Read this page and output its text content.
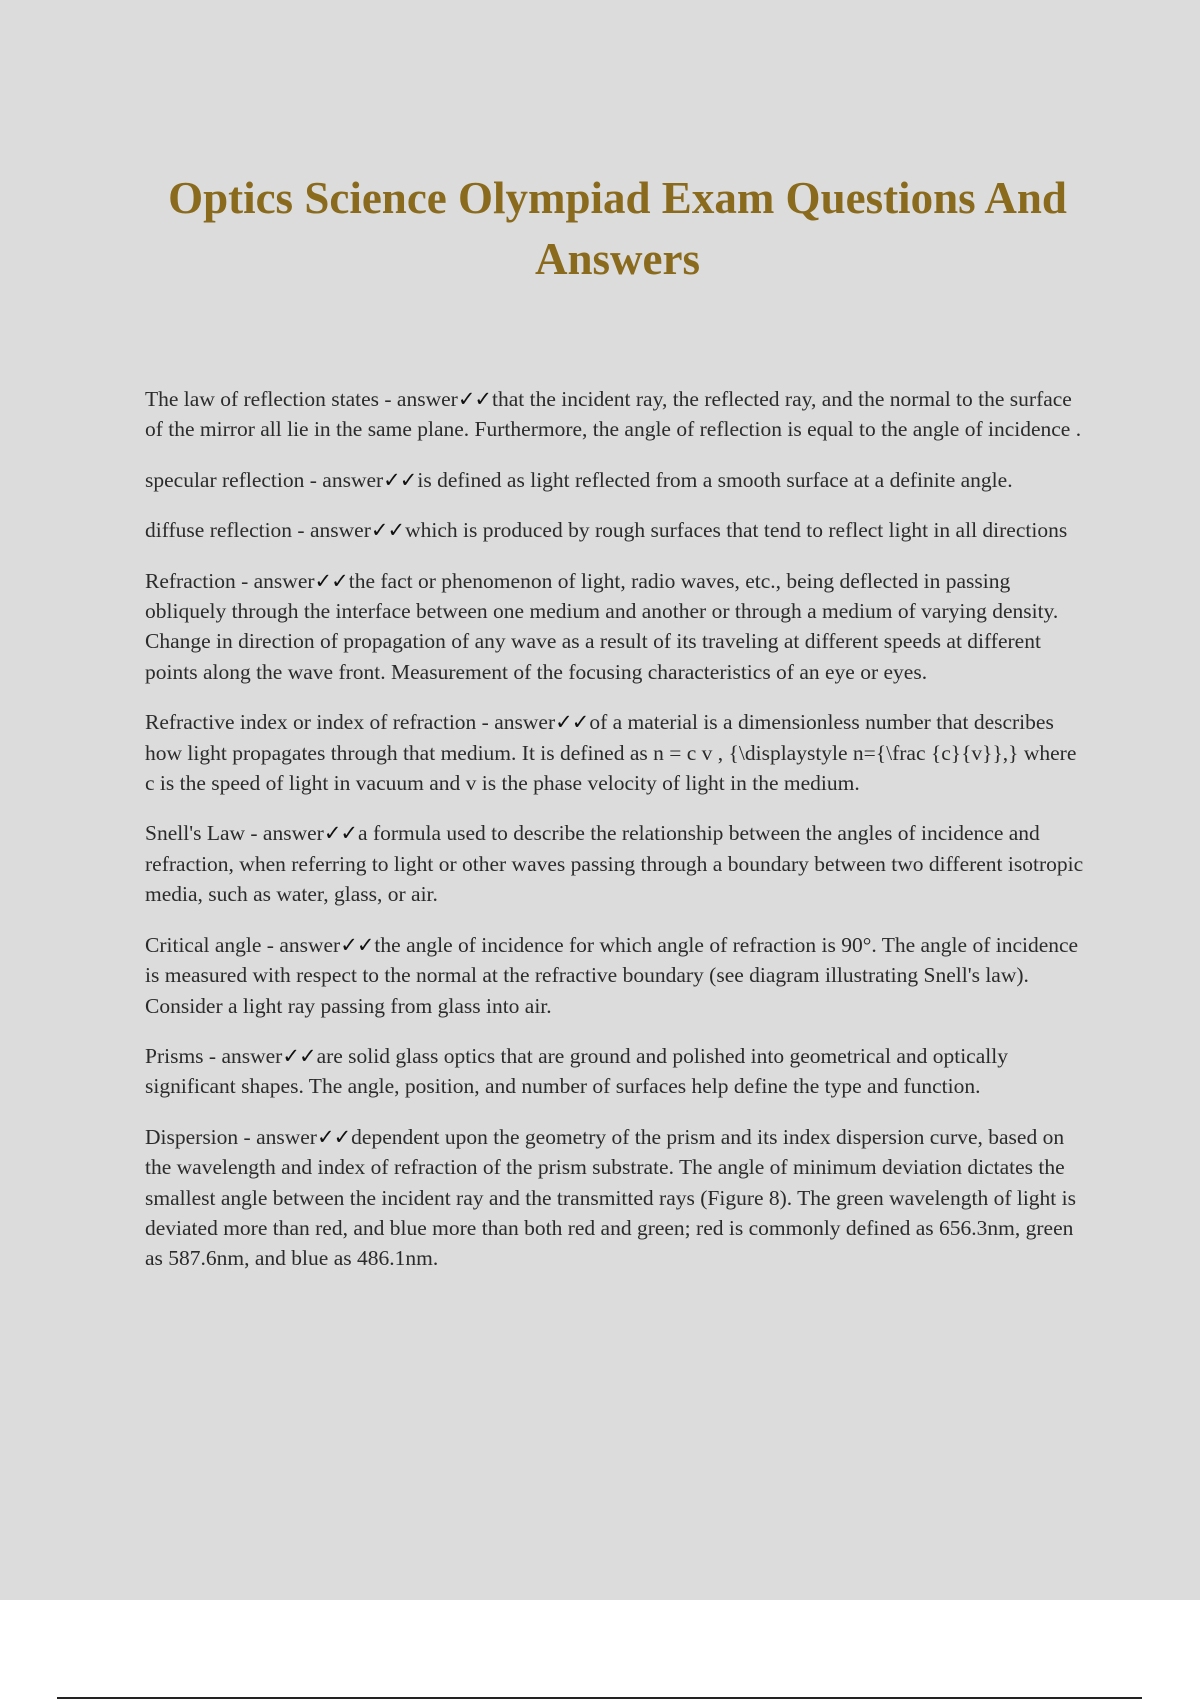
Optics Science Olympiad Exam Questions And Answers

The law of reflection states - answer✓✓that the incident ray, the reflected ray, and the normal to the surface of the mirror all lie in the same plane. Furthermore, the angle of reflection is equal to the angle of incidence .

specular reflection - answer✓✓is defined as light reflected from a smooth surface at a definite angle.

diffuse reflection - answer✓✓which is produced by rough surfaces that tend to reflect light in all directions

Refraction - answer✓✓the fact or phenomenon of light, radio waves, etc., being deflected in passing obliquely through the interface between one medium and another or through a medium of varying density. Change in direction of propagation of any wave as a result of its traveling at different speeds at different points along the wave front. Measurement of the focusing characteristics of an eye or eyes.

Refractive index or index of refraction - answer✓✓of a material is a dimensionless number that describes how light propagates through that medium. It is defined as n = c v , {\displaystyle n={\frac {c}{v}},} where c is the speed of light in vacuum and v is the phase velocity of light in the medium.

Snell's Law - answer✓✓a formula used to describe the relationship between the angles of incidence and refraction, when referring to light or other waves passing through a boundary between two different isotropic media, such as water, glass, or air.

Critical angle - answer✓✓the angle of incidence for which angle of refraction is 90°. The angle of incidence is measured with respect to the normal at the refractive boundary (see diagram illustrating Snell's law). Consider a light ray passing from glass into air.

Prisms - answer✓✓are solid glass optics that are ground and polished into geometrical and optically significant shapes. The angle, position, and number of surfaces help define the type and function.

Dispersion - answer✓✓dependent upon the geometry of the prism and its index dispersion curve, based on the wavelength and index of refraction of the prism substrate. The angle of minimum deviation dictates the smallest angle between the incident ray and the transmitted rays (Figure 8). The green wavelength of light is deviated more than red, and blue more than both red and green; red is commonly defined as 656.3nm, green as 587.6nm, and blue as 486.1nm.
